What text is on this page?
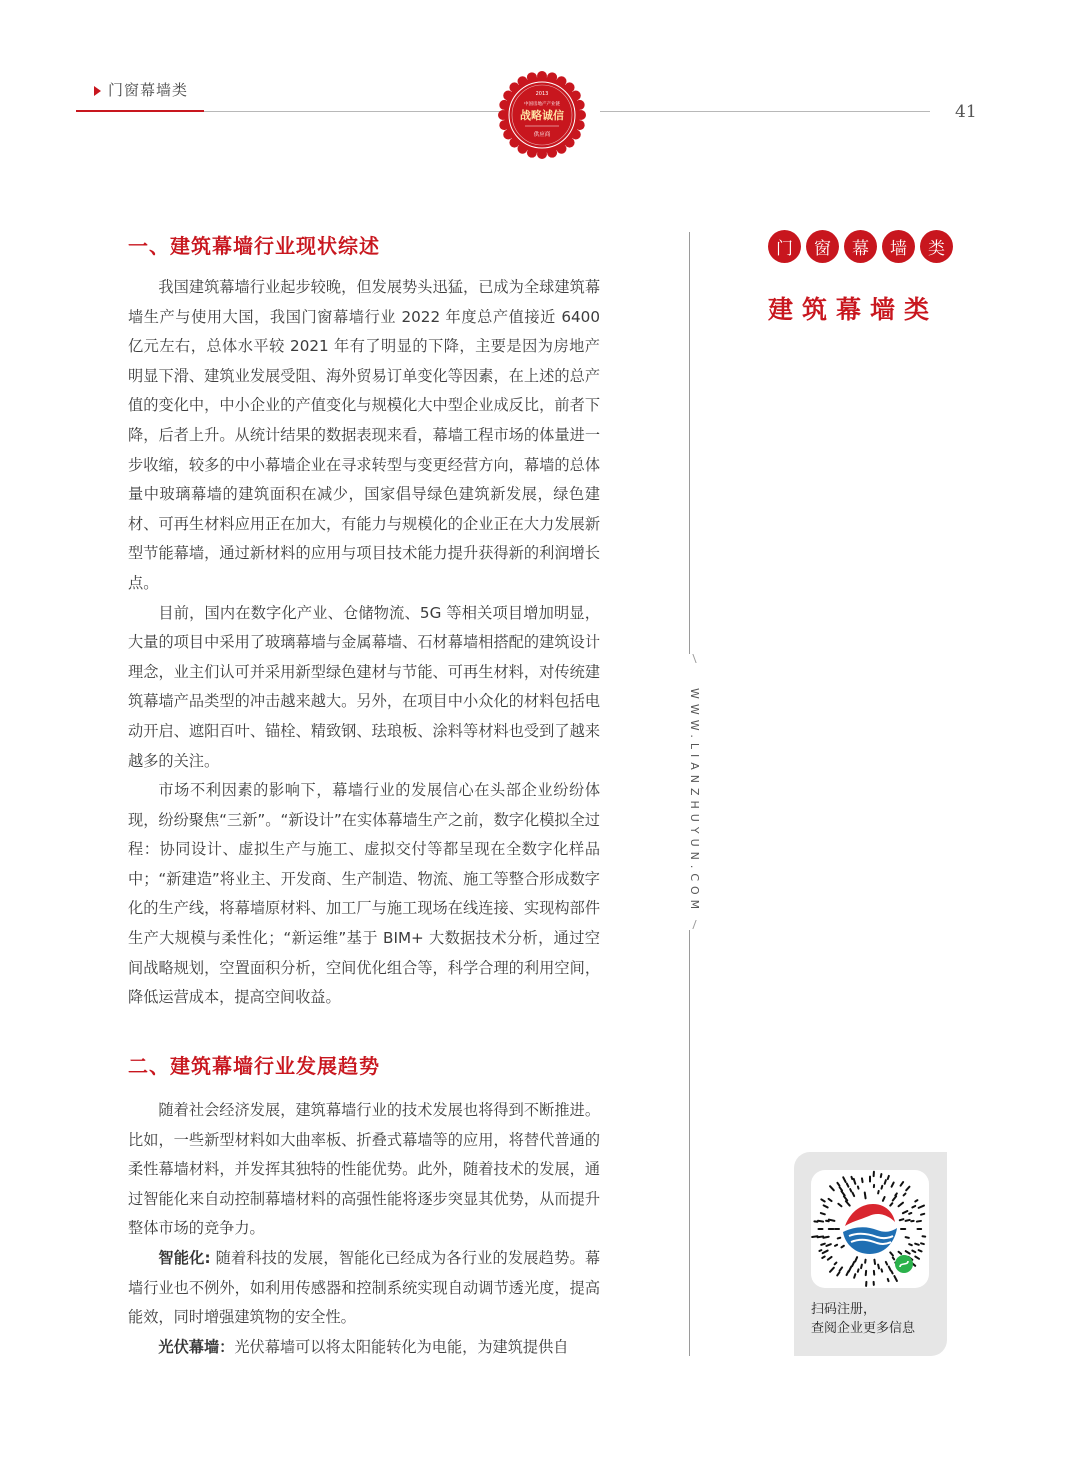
门窗幕墙类
41
2013
中国房地产产业链
战略诚信
供应商
一、建筑幕墙行业现状综述

我国建筑幕墙行业起步较晚，但发展势头迅猛，已成为全球建筑幕墙生产与使用大国，我国门窗幕墙行业 2022 年度总产值接近 6400 亿元左右，总体水平较 2021 年有了明显的下降，主要是因为房地产明显下滑、建筑业发展受阻、海外贸易订单变化等因素，在上述的总产值的变化中，中小企业的产值变化与规模化大中型企业成反比，前者下降，后者上升。从统计结果的数据表现来看，幕墙工程市场的体量进一步收缩，较多的中小幕墙企业在寻求转型与变更经营方向，幕墙的总体量中玻璃幕墙的建筑面积在减少，国家倡导绿色建筑新发展，绿色建材、可再生材料应用正在加大，有能力与规模化的企业正在大力发展新型节能幕墙，通过新材料的应用与项目技术能力提升获得新的利润增长点。

目前，国内在数字化产业、仓储物流、5G 等相关项目增加明显，大量的项目中采用了玻璃幕墙与金属幕墙、石材幕墙相搭配的建筑设计理念，业主们认可并采用新型绿色建材与节能、可再生材料，对传统建筑幕墙产品类型的冲击越来越大。另外，在项目中小众化的材料包括电动开启、遮阳百叶、锚栓、精致钢、珐琅板、涂料等材料也受到了越来越多的关注。

市场不利因素的影响下，幕墙行业的发展信心在头部企业纷纷体现，纷纷聚焦“三新”。“新设计”在实体幕墙生产之前，数字化模拟全过程：协同设计、虚拟生产与施工、虚拟交付等都呈现在全数字化样品中；“新建造”将业主、开发商、生产制造、物流、施工等整合形成数字化的生产线，将幕墙原材料、加工厂与施工现场在线连接、实现构部件生产大规模与柔性化；“新运维”基于 BIM+ 大数据技术分析，通过空间战略规划，空置面积分析，空间优化组合等，科学合理的利用空间，降低运营成本，提高空间收益。

二、建筑幕墙行业发展趋势

随着社会经济发展，建筑幕墙行业的技术发展也将得到不断推进。比如，一些新型材料如大曲率板、折叠式幕墙等的应用，将替代普通的柔性幕墙材料，并发挥其独特的性能优势。此外，随着技术的发展，通过智能化来自动控制幕墙材料的高强性能将逐步突显其优势，从而提升整体市场的竞争力。

智能化: 随着科技的发展，智能化已经成为各行业的发展趋势。幕墙行业也不例外，如利用传感器和控制系统实现自动调节透光度，提高能效，同时增强建筑物的安全性。

光伏幕墙：光伏幕墙可以将太阳能转化为电能，为建筑提供自

WWW.LIANZHUYUN.COM
门	窗	幕	墙	类
建筑幕墙类
扫码注册，
查阅企业更多信息
